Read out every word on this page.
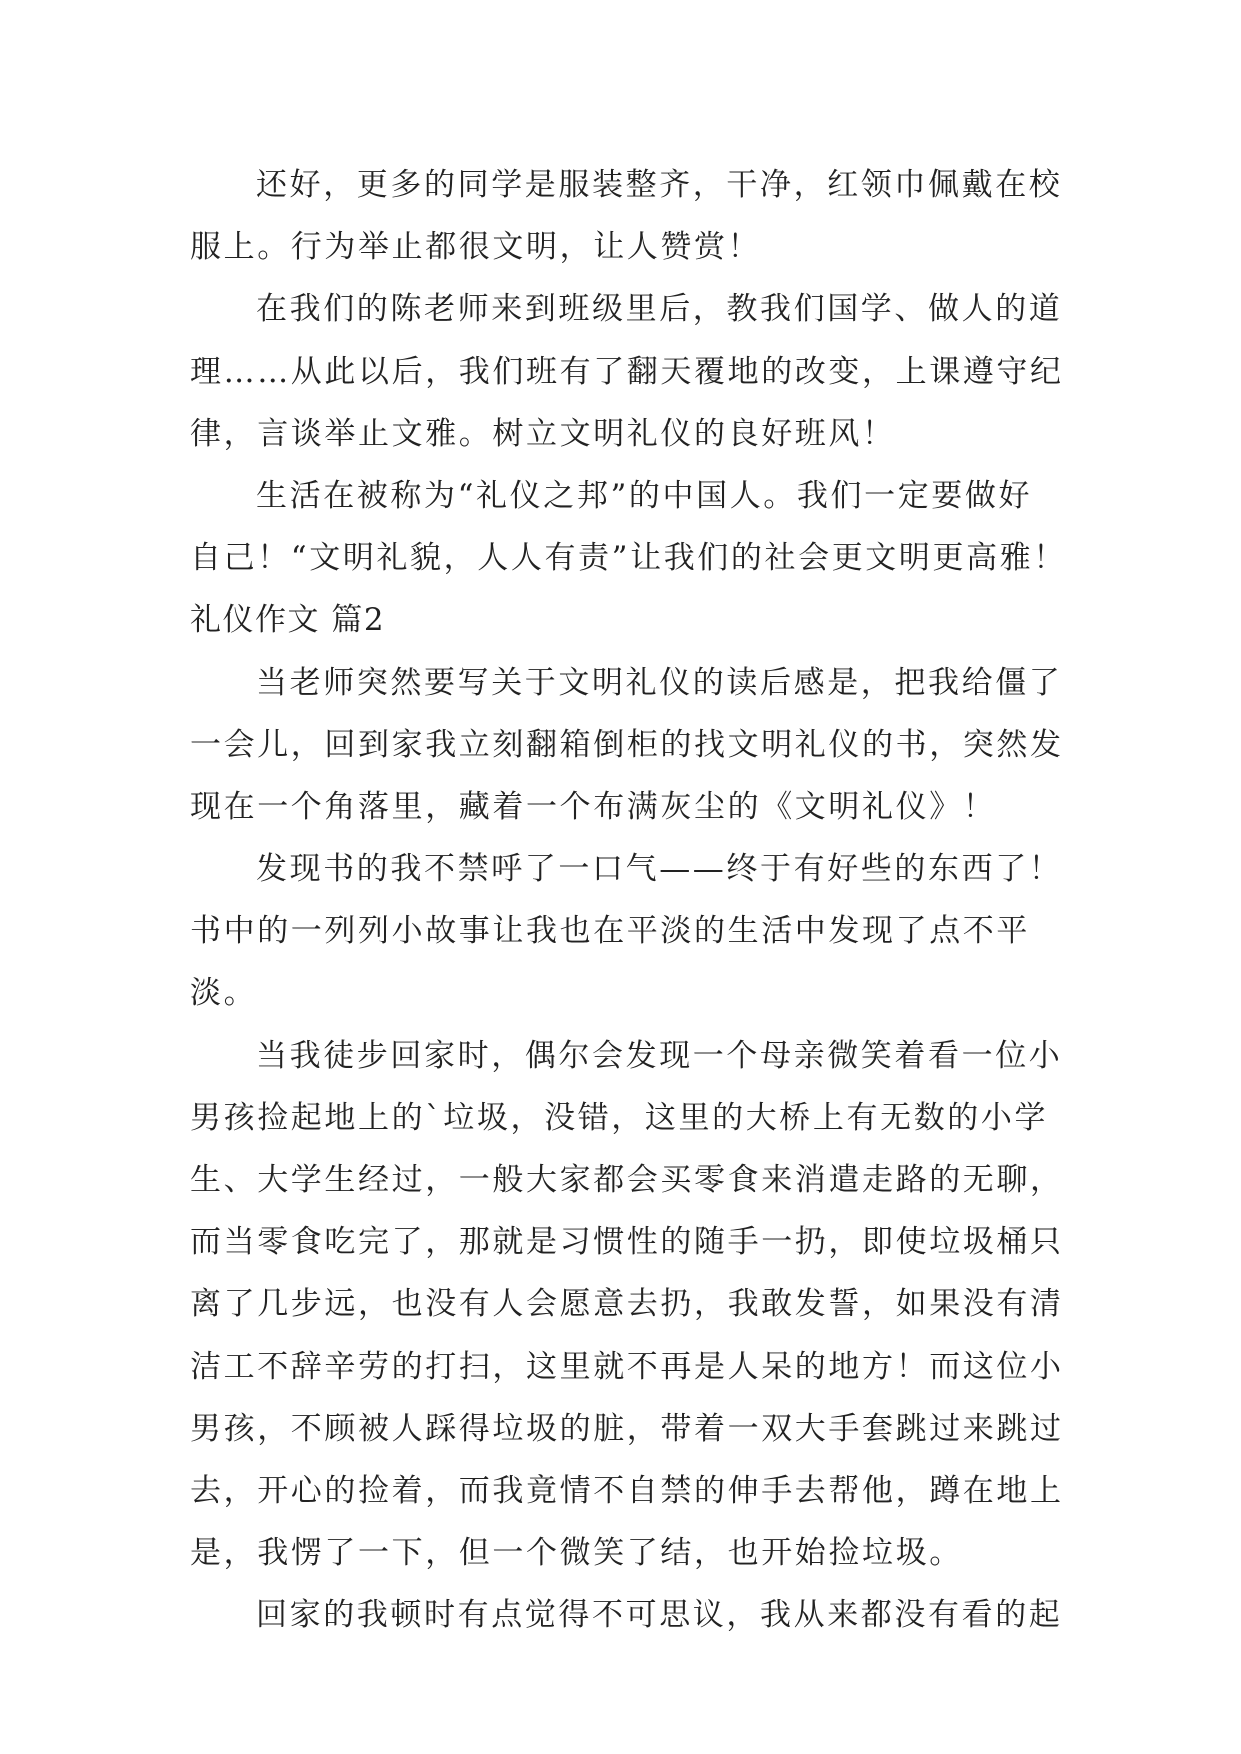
还好，更多的同学是服装整齐，干净，红领巾佩戴在校
服上。行为举止都很文明，让人赞赏！
在我们的陈老师来到班级里后，教我们国学、做人的道
理……从此以后，我们班有了翻天覆地的改变，上课遵守纪
律，言谈举止文雅。树立文明礼仪的良好班风！
生活在被称为“礼仪之邦”的中国人。我们一定要做好
自己！“文明礼貌，人人有责”让我们的社会更文明更高雅！
礼仪作文 篇2
当老师突然要写关于文明礼仪的读后感是，把我给僵了
一会儿，回到家我立刻翻箱倒柜的找文明礼仪的书，突然发
现在一个角落里，藏着一个布满灰尘的《文明礼仪》！
发现书的我不禁呼了一口气——终于有好些的东西了！
书中的一列列小故事让我也在平淡的生活中发现了点不平
淡。
当我徒步回家时，偶尔会发现一个母亲微笑着看一位小
男孩捡起地上的`垃圾，没错，这里的大桥上有无数的小学
生、大学生经过，一般大家都会买零食来消遣走路的无聊，
而当零食吃完了，那就是习惯性的随手一扔，即使垃圾桶只
离了几步远，也没有人会愿意去扔，我敢发誓，如果没有清
洁工不辞辛劳的打扫，这里就不再是人呆的地方！而这位小
男孩，不顾被人踩得垃圾的脏，带着一双大手套跳过来跳过
去，开心的捡着，而我竟情不自禁的伸手去帮他，蹲在地上
是，我愣了一下，但一个微笑了结，也开始捡垃圾。
回家的我顿时有点觉得不可思议，我从来都没有看的起
